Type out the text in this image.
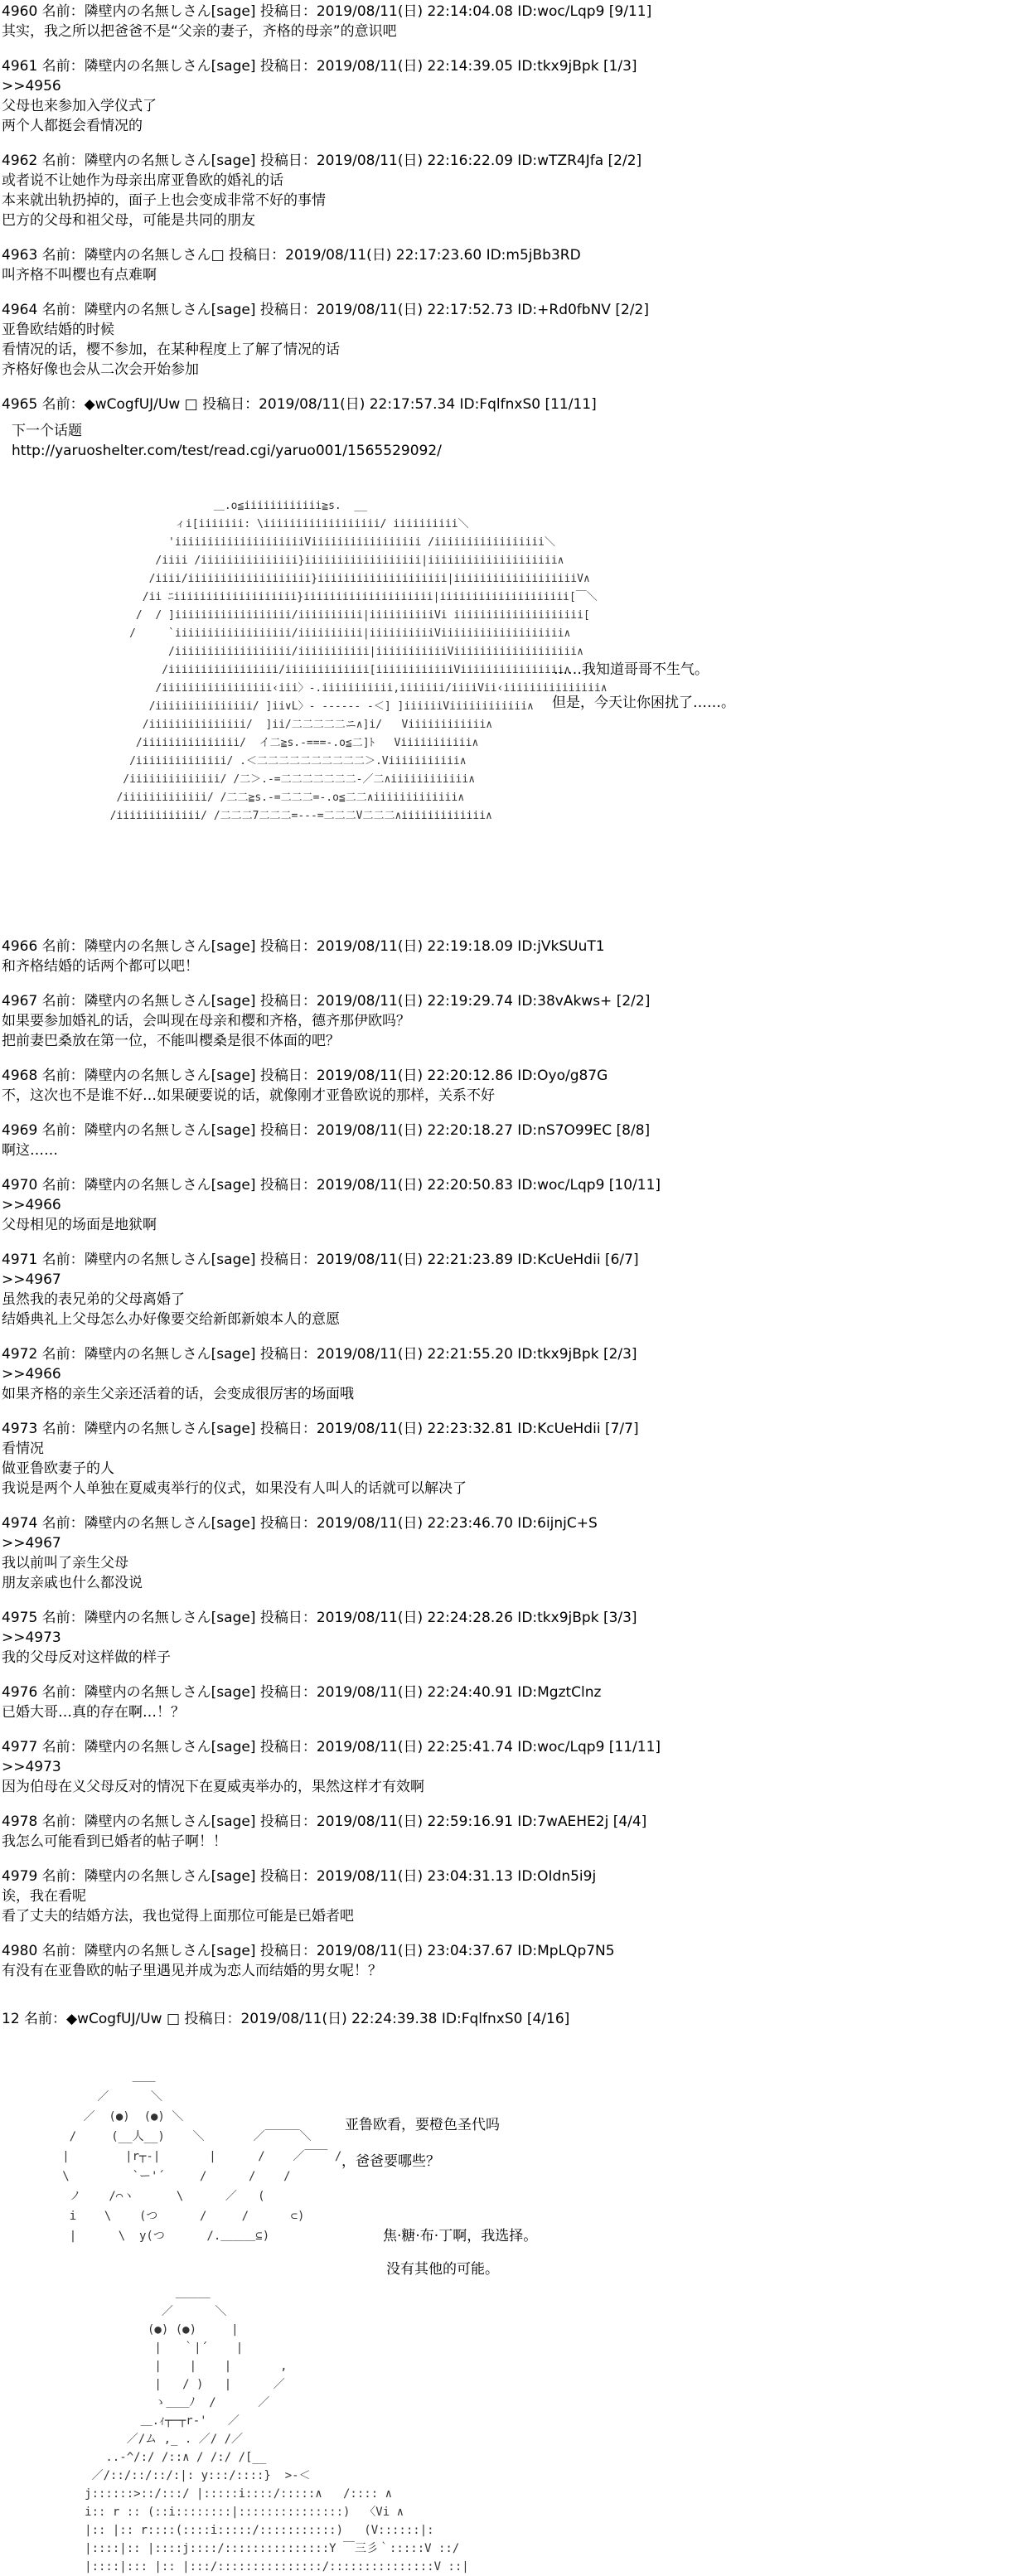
4960 名前：隣壁内の名無しさん[sage] 投稿日：2019/08/11(日) 22:14:04.08 ID:woc/Lqp9 [9/11]
其实，我之所以把爸爸不是“父亲的妻子，齐格的母亲”的意识吧
4961 名前：隣壁内の名無しさん[sage] 投稿日：2019/08/11(日) 22:14:39.05 ID:tkx9jBpk [1/3]
>>4956
父母也来参加入学仪式了
两个人都挺会看情况的
4962 名前：隣壁内の名無しさん[sage] 投稿日：2019/08/11(日) 22:16:22.09 ID:wTZR4Jfa [2/2]
或者说不让她作为母亲出席亚鲁欧的婚礼的话
本来就出轨扔掉的，面子上也会变成非常不好的事情
巴方的父母和祖父母，可能是共同的朋友
4963 名前：隣壁内の名無しさん□ 投稿日：2019/08/11(日) 22:17:23.60 ID:m5jBb3RD
叫齐格不叫樱也有点难啊
4964 名前：隣壁内の名無しさん[sage] 投稿日：2019/08/11(日) 22:17:52.73 ID:+Rd0fbNV [2/2]
亚鲁欧结婚的时候
看情况的话，樱不参加，在某种程度上了解了情况的话
齐格好像也会从二次会开始参加
4965 名前：◆wCogfUJ/Uw □ 投稿日：2019/08/11(日) 22:17:57.34 ID:FqlfnxS0 [11/11]
下一个话题
http://yaruoshelter.com/test/read.cgi/yaruo001/1565529092/
＿.o≦iiiiiiiiiiii≧s.  __
ィi[iiiiiii: \iiiiiiiiiiiiiiiiii/ iiiiiiiiii＼
'iiiiiiiiiiiiiiiiiiiiViiiiiiiiiiiiiiiii /iiiiiiiiiiiiiiiii＼
/iiii /iiiiiiiiiiiiiii}iiiiiiiiiiiiiiiiii|iiiiiiiiiiiiiiiiiiii∧
/iiii/iiiiiiiiiiiiiiiiiii}iiiiiiiiiiiiiiiiiiii|iiiiiiiiiiiiiiiiiiiV∧
/ii ﾆiiiiiiiiiiiiiiiiiii}iiiiiiiiiiiiiiiiiiii|iiiiiiiiiiiiiiiiiiii[￣＼
/  / ]iiiiiiiiiiiiiiiiii/iiiiiiiiii|iiiiiiiiiiVi iiiiiiiiiiiiiiiiiiii[
/     `iiiiiiiiiiiiiiiiii/iiiiiiiiii|iiiiiiiiiiViiiiiiiiiiiiiiiiiii∧
/iiiiiiiiiiiiiiiiii/iiiiiiiiiii|iiiiiiiiiiiViiiiiiiiiiiiiiiiiii∧
/iiiiiiiiiiiiiiiii/iiiiiiiiiiiii[iiiiiiiiiiiiViiiiiiiiiiiiiiii∧
/iiiiiiiiiiiiiiiii‹iii〉-.iiiiiiiiiii,iiiiiii/iiiiVii‹iiiiiiiiiiiiiii∧
/iiiiiiiiiiiiiii/ ]ii∨L〉- ------ -＜] ]iiiiiiViiiiiiiiiiii∧
/iiiiiiiiiiiiiii/  ]ii/二二二二二ニ∧]i/   Viiiiiiiiiiii∧
/iiiiiiiiiiiiiii/  イ二≧s.-===-.o≦二]ﾄ   Viiiiiiiiiii∧
/iiiiiiiiiiiiii/ .＜二二二二二二二二二二＞.Viiiiiiiiiii∧
/iiiiiiiiiiiiii/ /二＞.-=二二二二二二二-／二∧iiiiiiiiiiii∧
/iiiiiiiiiiiii/ /二二≧s.-=二二二=-.o≦二二∧iiiiiiiiiiiii∧
/iiiiiiiiiiiii/ /二二二7二二二=---=二二二V二二二∧iiiiiiiiiiiii∧
……我知道哥哥不生气。
但是，今天让你困扰了……。
4966 名前：隣壁内の名無しさん[sage] 投稿日：2019/08/11(日) 22:19:18.09 ID:jVkSUuT1
和齐格结婚的话两个都可以吧！
4967 名前：隣壁内の名無しさん[sage] 投稿日：2019/08/11(日) 22:19:29.74 ID:38vAkws+ [2/2]
如果要参加婚礼的话，会叫现在母亲和樱和齐格，德齐那伊欧吗？
把前妻巴桑放在第一位，不能叫樱桑是很不体面的吧？
4968 名前：隣壁内の名無しさん[sage] 投稿日：2019/08/11(日) 22:20:12.86 ID:Oyo/g87G
不，这次也不是谁不好…如果硬要说的话，就像刚才亚鲁欧说的那样，关系不好
4969 名前：隣壁内の名無しさん[sage] 投稿日：2019/08/11(日) 22:20:18.27 ID:nS7O99EC [8/8]
啊这……
4970 名前：隣壁内の名無しさん[sage] 投稿日：2019/08/11(日) 22:20:50.83 ID:woc/Lqp9 [10/11]
>>4966
父母相见的场面是地狱啊
4971 名前：隣壁内の名無しさん[sage] 投稿日：2019/08/11(日) 22:21:23.89 ID:KcUeHdii [6/7]
>>4967
虽然我的表兄弟的父母离婚了
结婚典礼上父母怎么办好像要交给新郎新娘本人的意愿
4972 名前：隣壁内の名無しさん[sage] 投稿日：2019/08/11(日) 22:21:55.20 ID:tkx9jBpk [2/3]
>>4966
如果齐格的亲生父亲还活着的话，会变成很厉害的场面哦
4973 名前：隣壁内の名無しさん[sage] 投稿日：2019/08/11(日) 22:23:32.81 ID:KcUeHdii [7/7]
看情况
做亚鲁欧妻子的人
我说是两个人单独在夏威夷举行的仪式，如果没有人叫人的话就可以解决了
4974 名前：隣壁内の名無しさん[sage] 投稿日：2019/08/11(日) 22:23:46.70 ID:6ijnjC+S
>>4967
我以前叫了亲生父母
朋友亲戚也什么都没说
4975 名前：隣壁内の名無しさん[sage] 投稿日：2019/08/11(日) 22:24:28.26 ID:tkx9jBpk [3/3]
>>4973
我的父母反对这样做的样子
4976 名前：隣壁内の名無しさん[sage] 投稿日：2019/08/11(日) 22:24:40.91 ID:MgztClnz
已婚大哥…真的存在啊…！？
4977 名前：隣壁内の名無しさん[sage] 投稿日：2019/08/11(日) 22:25:41.74 ID:woc/Lqp9 [11/11]
>>4973
因为伯母在义父母反对的情况下在夏威夷举办的，果然这样才有效啊
4978 名前：隣壁内の名無しさん[sage] 投稿日：2019/08/11(日) 22:59:16.91 ID:7wAEHE2j [4/4]
我怎么可能看到已婚者的帖子啊！！
4979 名前：隣壁内の名無しさん[sage] 投稿日：2019/08/11(日) 23:04:31.13 ID:OIdn5i9j
诶，我在看呢
看了丈夫的结婚方法，我也觉得上面那位可能是已婚者吧
4980 名前：隣壁内の名無しさん[sage] 投稿日：2019/08/11(日) 23:04:37.67 ID:MpLQp7N5
有没有在亚鲁欧的帖子里遇见并成为恋人而结婚的男女呢！？
12 名前：◆wCogfUJ/Uw □ 投稿日：2019/08/11(日) 22:24:39.38 ID:FqlfnxS0 [4/16]
＿＿
／      ＼
／  (●)  (●) ＼
/     (__人__)    ＼       ／￣￣￣＼
|        |r┬-|       |      /    ／￣￣ /
\         `ー'´     /      /    /
ノ    /⌒ヽ      \      ／   (
i    \    (つ      /     /      ⊂)
|      \  y(つ      /.＿＿＿⊆)
亚鲁欧看，要橙色圣代吗
，爸爸要哪些？
＿＿＿
／      ＼
(●) (●)     |
|   ｀|´    |
|    |    |       ,
|   / )   |      ／
ゝ＿＿ﾉ  /      ／
＿.ｨ┬─┬r-'   ／
／/ム ,_ . ／/ /／
..-^/:/ /::∧ / /:/ /[__
／/::/::/::/:|: y:::/::::}  >-＜
j::::::>::/:::/ |:::::i::::/:::::∧   /:::: ∧
i:: r :: (::i::::::::|:::::::::::::::)  〈Vi ∧
|:: |:: r::::(::::i:::::/:::::::::::)   (V::::::|:
|::::|:: |::::j::::/:::::::::::::::Y ￣三彡｀:::::V ::/
|::::|::: |:: |:::/:::::::::::::::/:::::::::::::::V ::|
焦·糖·布·丁啊，我选择。
没有其他的可能。
